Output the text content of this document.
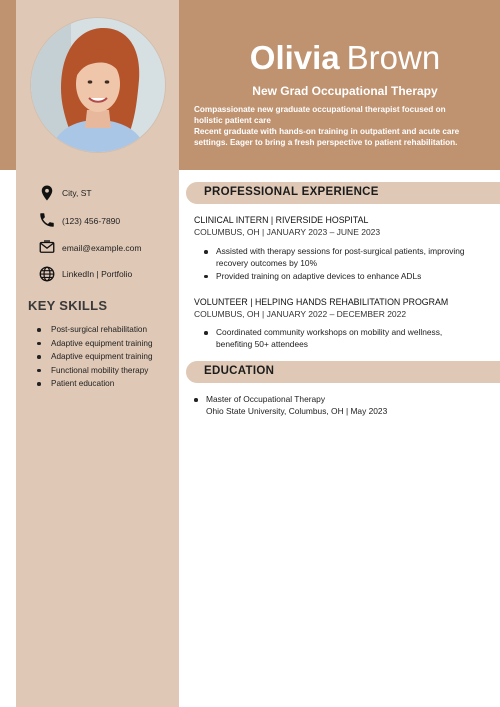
Olivia Brown
New Grad Occupational Therapy
Compassionate new graduate occupational therapist focused on
holistic patient care
Recent graduate with hands-on training in outpatient and acute care
settings. Eager to bring a fresh perspective to patient rehabilitation.
City, ST
(123) 456-7890
email@example.com
LinkedIn | Portfolio
KEY SKILLS
Post-surgical rehabilitation
Adaptive equipment training
Adaptive equipment training
Functional mobility therapy
Patient education
PROFESSIONAL EXPERIENCE
CLINICAL INTERN | RIVERSIDE HOSPITAL
COLUMBUS, OH | JANUARY 2023 – JUNE 2023
Assisted with therapy sessions for post-surgical patients, improving recovery outcomes by 10%
Provided training on adaptive devices to enhance ADLs
VOLUNTEER | HELPING HANDS REHABILITATION PROGRAM
COLUMBUS, OH | JANUARY 2022 – DECEMBER 2022
Coordinated community workshops on mobility and wellness, benefiting 50+ attendees
EDUCATION
Master of Occupational Therapy
Ohio State University, Columbus, OH | May 2023
